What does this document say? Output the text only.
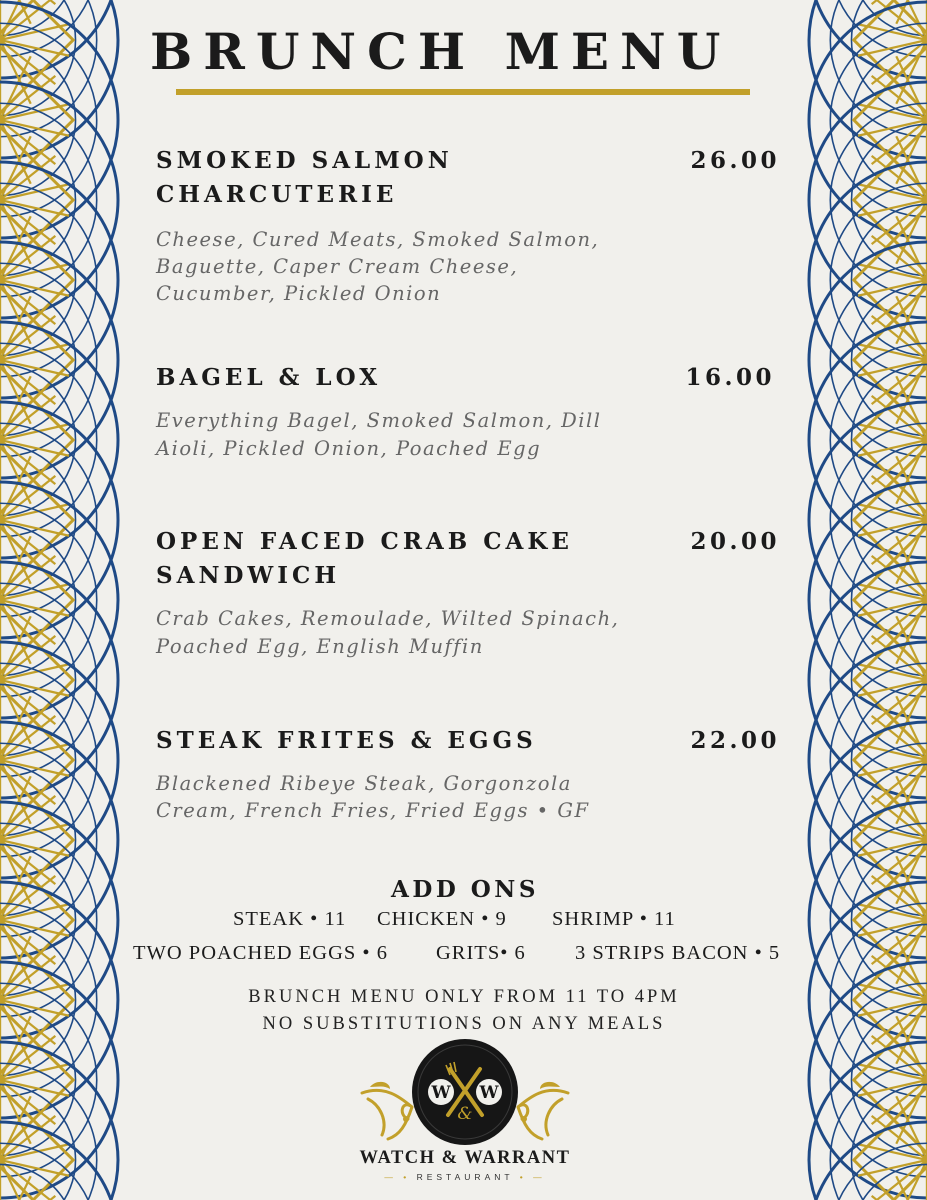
BRUNCH MENU
SMOKED SALMON
CHARCUTERIE
26.00
Cheese, Cured Meats, Smoked Salmon,
Baguette, Caper Cream Cheese,
Cucumber, Pickled Onion
BAGEL & LOX	16.00
Everything Bagel, Smoked Salmon, Dill
Aioli, Pickled Onion, Poached Egg
OPEN FACED CRAB CAKE
SANDWICH
20.00
Crab Cakes, Remoulade, Wilted Spinach,
Poached Egg, English Muffin
STEAK FRITES & EGGS	22.00
Blackened Ribeye Steak, Gorgonzola
Cream, French Fries, Fried Eggs • GF
ADD ONS
STEAK • 11 CHICKEN • 9 SHRIMP • 11
TWO POACHED EGGS • 6 GRITS• 6 3 STRIPS BACON • 5
BRUNCH MENU ONLY FROM 11 TO 4PM
NO SUBSTITUTIONS ON ANY MEALS
W W
&
WATCH & WARRANT
— • RESTAURANT • —
